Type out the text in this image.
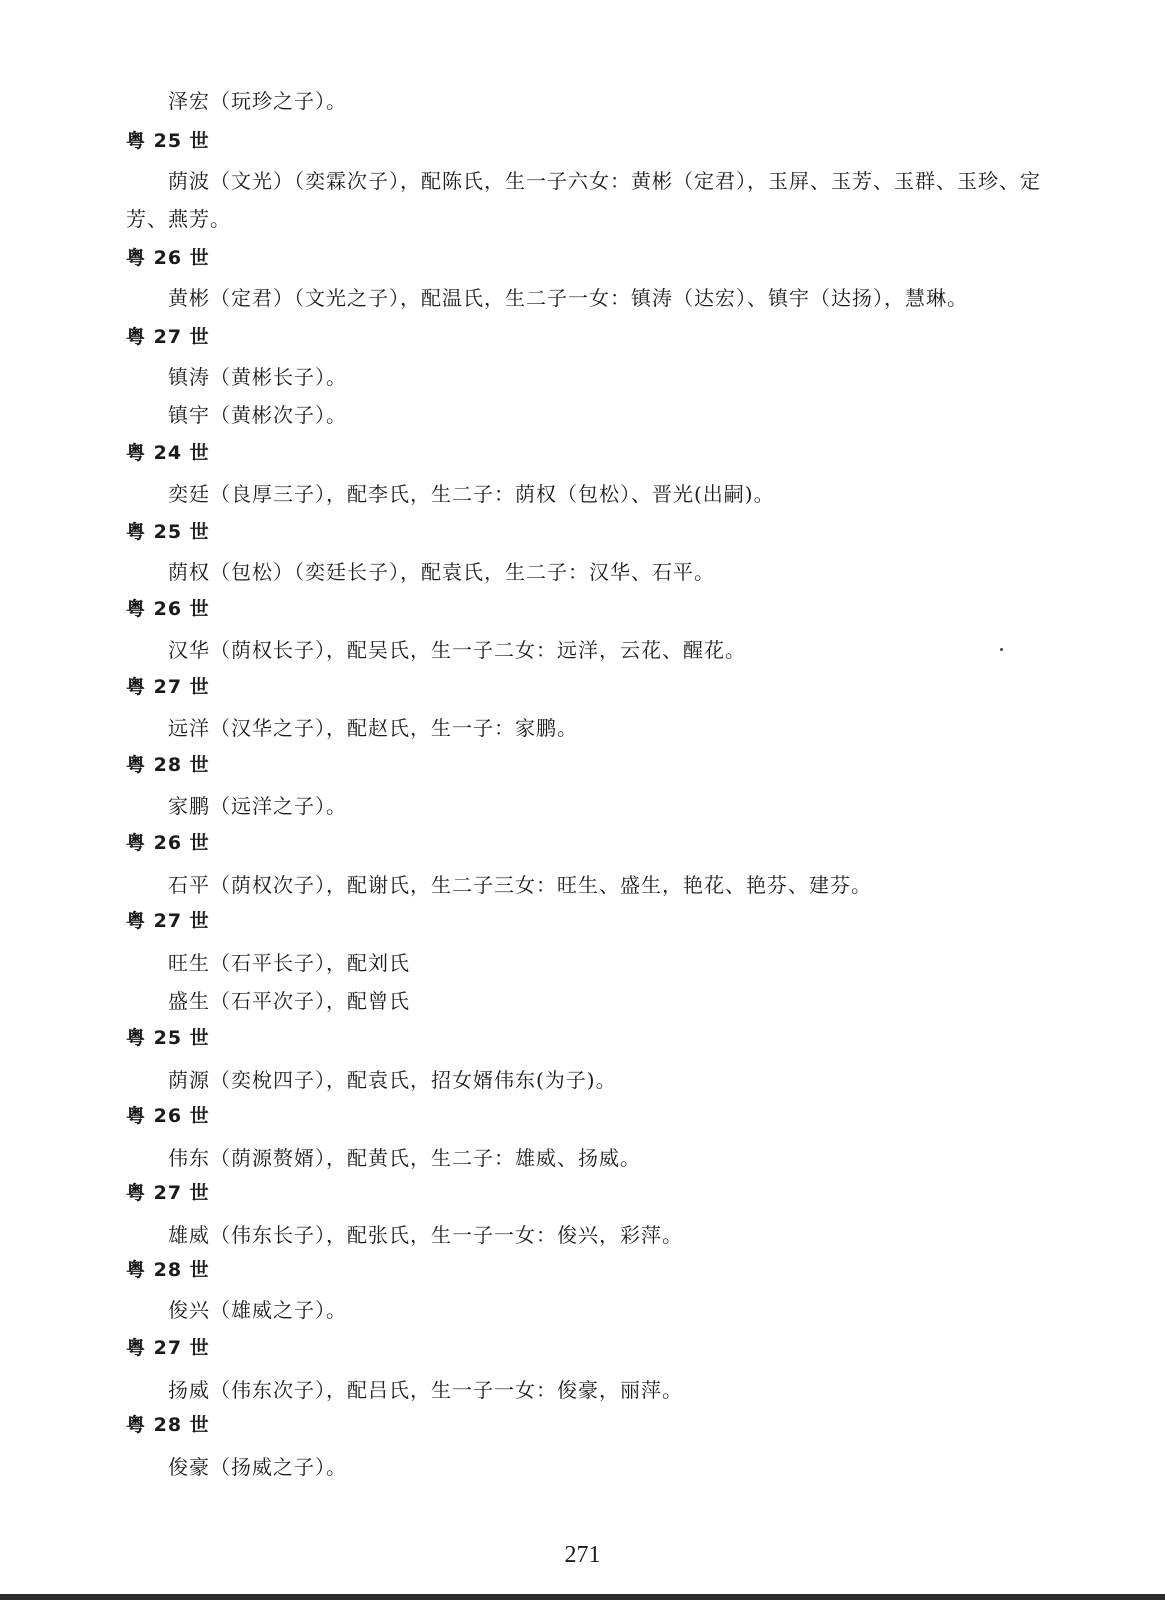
泽宏（玩珍之子）。
粤 25 世
荫波（文光）（奕霖次子），配陈氏，生一子六女：黄彬（定君），玉屏、玉芳、玉群、玉珍、定
芳、燕芳。
粤 26 世
黄彬（定君）（文光之子），配温氏，生二子一女：镇涛（达宏）、镇宇（达扬），慧琳。
粤 27 世
镇涛（黄彬长子）。
镇宇（黄彬次子）。
粤 24 世
奕廷（良厚三子），配李氏，生二子：荫权（包松）、晋光(出嗣)。
粤 25 世
荫权（包松）（奕廷长子），配袁氏，生二子：汉华、石平。
粤 26 世
汉华（荫权长子），配吴氏，生一子二女：远洋，云花、醒花。
粤 27 世
远洋（汉华之子），配赵氏，生一子：家鹏。
粤 28 世
家鹏（远洋之子）。
粤 26 世
石平（荫权次子），配谢氏，生二子三女：旺生、盛生，艳花、艳芬、建芬。
粤 27 世
旺生（石平长子），配刘氏
盛生（石平次子），配曾氏
粤 25 世
荫源（奕梲四子），配袁氏，招女婿伟东(为子)。
粤 26 世
伟东（荫源赘婿），配黄氏，生二子：雄威、扬威。
粤 27 世
雄威（伟东长子），配张氏，生一子一女：俊兴，彩萍。
粤 28 世
俊兴（雄威之子）。
粤 27 世
扬威（伟东次子），配吕氏，生一子一女：俊豪，丽萍。
粤 28 世
俊豪（扬威之子）。
271
